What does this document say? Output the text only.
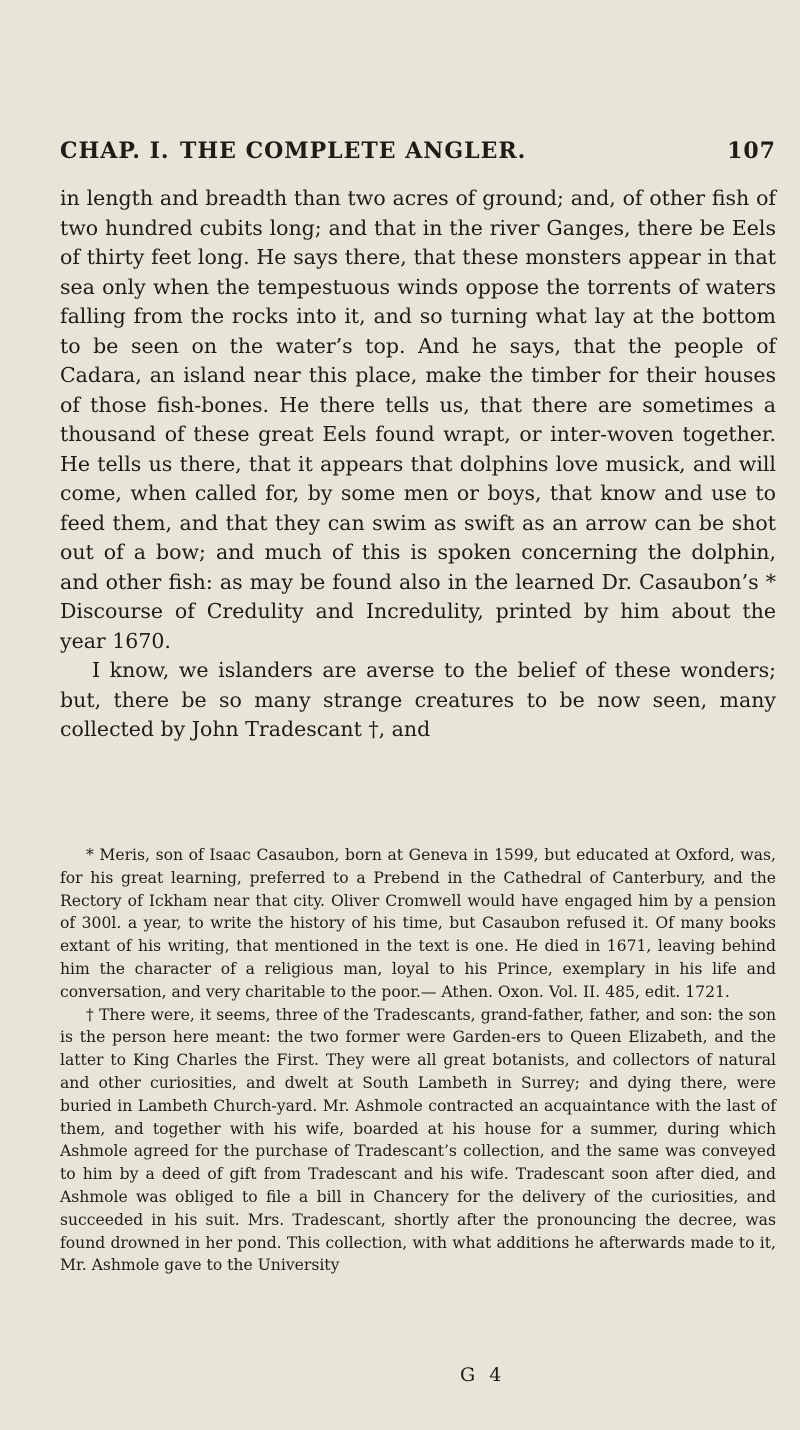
CHAP. I. THE COMPLETE ANGLER.	107

in length and breadth than two acres of ground; and, of other fish of two hundred cubits long; and that in the river Ganges, there be Eels of thirty feet long. He says there, that these monsters appear in that sea only when the tempestuous winds oppose the torrents of waters falling from the rocks into it, and so turning what lay at the bottom to be seen on the water’s top. And he says, that the people of Cadara, an island near this place, make the timber for their houses of those fish-bones. He there tells us, that there are sometimes a thousand of these great Eels found wrapt, or inter-woven together. He tells us there, that it appears that dolphins love musick, and will come, when called for, by some men or boys, that know and use to feed them, and that they can swim as swift as an arrow can be shot out of a bow; and much of this is spoken concerning the dolphin, and other fish: as may be found also in the learned Dr. Casaubon’s * Discourse of Credulity and Incredulity, printed by him about the year 1670.

I know, we islanders are averse to the belief of these wonders; but, there be so many strange creatures to be now seen, many collected by John Tradescant †, and

* Meris, son of Isaac Casaubon, born at Geneva in 1599, but educated at Oxford, was, for his great learning, preferred to a Prebend in the Cathedral of Canterbury, and the Rectory of Ickham near that city. Oliver Cromwell would have engaged him by a pension of 300l. a year, to write the history of his time, but Casaubon refused it. Of many books extant of his writing, that mentioned in the text is one. He died in 1671, leaving behind him the character of a religious man, loyal to his Prince, exemplary in his life and conversation, and very charitable to the poor.— Athen. Oxon. Vol. II. 485, edit. 1721.

† There were, it seems, three of the Tradescants, grand-father, father, and son: the son is the person here meant: the two former were Garden-ers to Queen Elizabeth, and the latter to King Charles the First. They were all great botanists, and collectors of natural and other curiosities, and dwelt at South Lambeth in Surrey; and dying there, were buried in Lambeth Church-yard. Mr. Ashmole contracted an acquaintance with the last of them, and together with his wife, boarded at his house for a summer, during which Ashmole agreed for the purchase of Tradescant’s collection, and the same was conveyed to him by a deed of gift from Tradescant and his wife. Tradescant soon after died, and Ashmole was obliged to file a bill in Chancery for the delivery of the curiosities, and succeeded in his suit. Mrs. Tradescant, shortly after the pronouncing the decree, was found drowned in her pond. This collection, with what additions he afterwards made to it, Mr. Ashmole gave to the University

G 4
